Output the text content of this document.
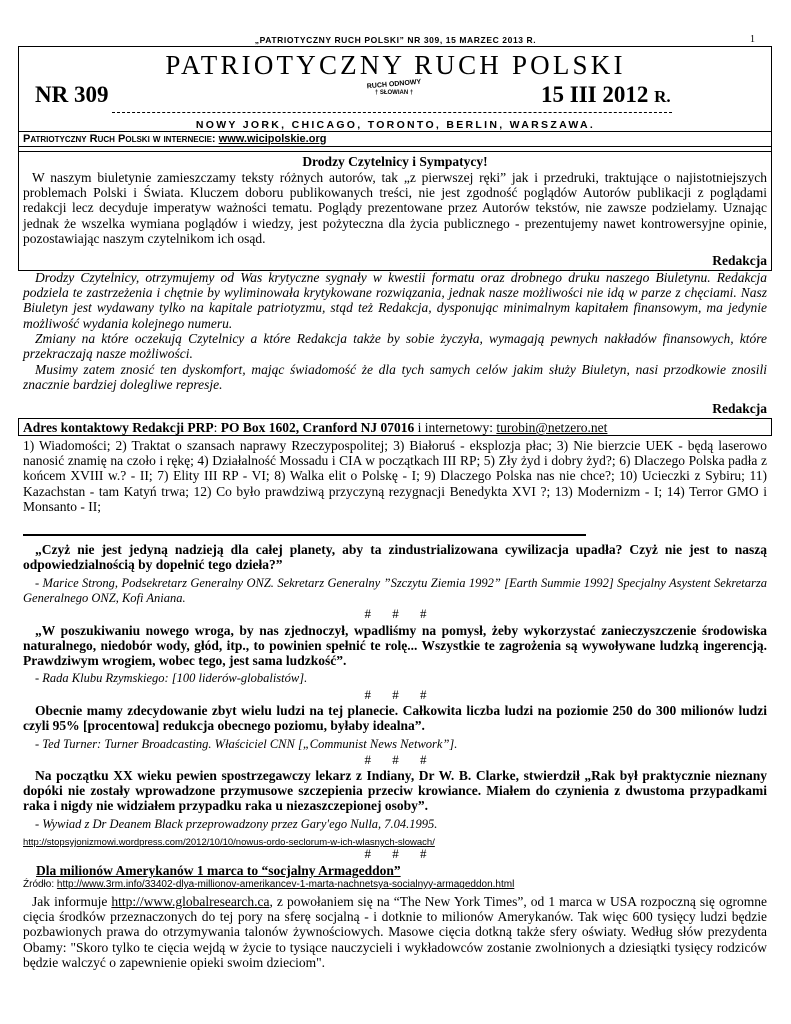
„PATRIOTYCZNY RUCH POLSKI” NR 309, 15 MARZEC 2013 R.	1
PATRIOTYCZNY RUCH POLSKI
NR 309	RUCH ODNOWY
† SŁOWIAN †	15 III 2012 R.
NOWY JORK, CHICAGO, TORONTO, BERLIN, WARSZAWA.
Patriotyczny Ruch Polski w internecie: www.wicipolskie.org
Drodzy Czytelnicy i Sympatycy!
W naszym biuletynie zamieszczamy teksty różnych autorów, tak „z pierwszej ręki” jak i przedruki, traktujące o najistotniejszych problemach Polski i Świata. Kluczem doboru publikowanych treści, nie jest zgodność poglądów Autorów publikacji z poglądami redakcji lecz decyduje imperatyw ważności tematu. Poglądy prezentowane przez Autorów tekstów, nie zawsze podzielamy. Uznając jednak że wszelka wymiana poglądów i wiedzy, jest pożyteczna dla życia publicznego - prezentujemy nawet kontrowersyjne opinie, pozostawiając naszym czytelnikom ich osąd.
Redakcja
Drodzy Czytelnicy, otrzymujemy od Was krytyczne sygnały w kwestii formatu oraz drobnego druku naszego Biuletynu. Redakcja podziela te zastrzeżenia i chętnie by wyliminowała krytykowane rozwiązania, jednak nasze możliwości nie idą w parze z chęciami. Nasz Biuletyn jest wydawany tylko na kapitale patriotyzmu, stąd też Redakcja, dysponując minimalnym kapitałem finansowym, ma jedynie możliwość wydania kolejnego numeru.
Zmiany na które oczekują Czytelnicy a które Redakcja także by sobie życzyła, wymagają pewnych nakładów finansowych, które przekraczają nasze możliwości.
Musimy zatem znosić ten dyskomfort, mając świadomość że dla tych samych celów jakim służy Biuletyn, nasi przodkowie znosili znacznie bardziej dolegliwe represje.
Redakcja
Adres kontaktowy Redakcji PRP: PO Box 1602, Cranford NJ 07016 i internetowy: turobin@netzero.net
1) Wiadomości; 2) Traktat o szansach naprawy Rzeczypospolitej; 3) Białoruś - eksplozja płac; 3) Nie bierzcie UEK - będą laserowo nanosić znamię na czoło i rękę; 4) Działalność Mossadu i CIA w początkach III RP; 5) Zły żyd i dobry żyd?; 6) Dlaczego Polska padła z końcem XVIII w.? - II; 7) Elity III RP - VI; 8) Walka elit o Polskę - I; 9) Dlaczego Polska nas nie chce?; 10) Ucieczki z Sybiru; 11) Kazachstan - tam Katyń trwa; 12) Co było prawdziwą przyczyną rezygnacji Benedykta XVI ?; 13) Modernizm - I; 14) Terror GMO i Monsanto - II;
„Czyż nie jest jedyną nadzieją dla całej planety, aby ta zindustrializowana cywilizacja upadła? Czyż nie jest to naszą odpowiedzialnością by dopełnić tego dzieła?”
- Marice Strong, Podsekretarz Generalny ONZ. Sekretarz Generalny ”Szczytu Ziemia 1992” [Earth Summie 1992] Specjalny Asystent Sekretarza Generalnego ONZ, Kofi Aniana.
# # #
„W poszukiwaniu nowego wroga, by nas zjednoczył, wpadliśmy na pomysł, żeby wykorzystać zanieczyszczenie środowiska naturalnego, niedobór wody, głód, itp., to powinien spełnić te rolę... Wszystkie te zagrożenia są wywoływane ludzką ingerencją. Prawdziwym wrogiem, wobec tego, jest sama ludzkość”.
- Rada Klubu Rzymskiego: [100 liderów-globalistów].
# # #
Obecnie mamy zdecydowanie zbyt wielu ludzi na tej planecie. Całkowita liczba ludzi na poziomie 250 do 300 milionów ludzi czyli 95% [procentowa] redukcja obecnego poziomu, byłaby idealna”.
- Ted Turner: Turner Broadcasting. Właściciel CNN [„Communist News Network”].
# # #
Na początku XX wieku pewien spostrzegawczy lekarz z Indiany, Dr W. B. Clarke, stwierdził „Rak był praktycznie nieznany dopóki nie zostały wprowadzone przymusowe szczepienia przeciw krowiance. Miałem do czynienia z dwustoma przypadkami raka i nigdy nie widziałem przypadku raka u niezaszczepionej osoby”.
- Wywiad z Dr Deanem Black przeprowadzony przez Gary'ego Nulla, 7.04.1995.
http://stopsyjonizmowi.wordpress.com/2012/10/10/nowus-ordo-seclorum-w-ich-wlasnych-slowach/
# # #
Dla milionów Amerykanów 1 marca to “socjalny Armageddon”
Źródło: http://www.3rm.info/33402-dlya-millionov-amerikancev-1-marta-nachnetsya-socialnyy-armageddon.html
Jak informuje http://www.globalresearch.ca, z powołaniem się na “The New York Times”, od 1 marca w USA rozpoczną się ogromne cięcia środków przeznaczonych do tej pory na sferę socjalną - i dotknie to milionów Amerykanów. Tak więc 600 tysięcy ludzi będzie pozbawionych prawa do otrzymywania talonów żywnościowych. Masowe cięcia dotkną także sfery oświaty. Według słów prezydenta Obamy: "Skoro tylko te cięcia wejdą w życie to tysiące nauczycieli i wykładowców zostanie zwolnionych a dziesiątki tysięcy rodziców będzie walczyć o zapewnienie opieki swoim dzieciom".
